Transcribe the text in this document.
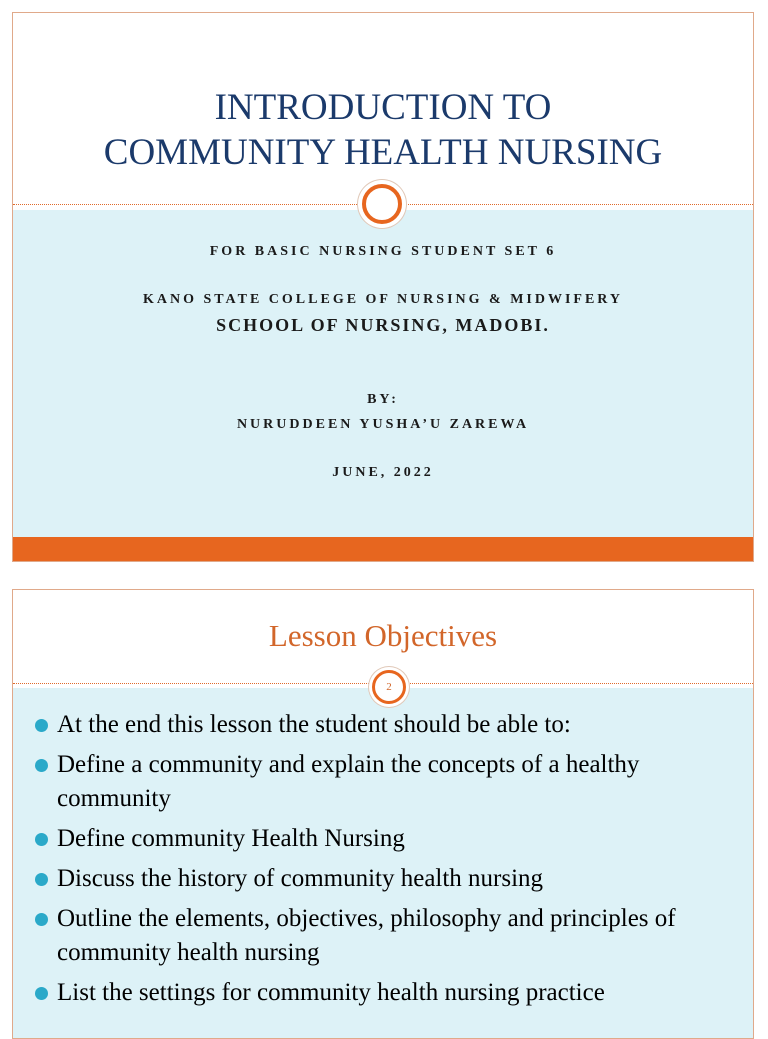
INTRODUCTION TO
COMMUNITY HEALTH NURSING
FOR BASIC NURSING STUDENT SET 6
KANO STATE COLLEGE OF NURSING & MIDWIFERY
SCHOOL OF NURSING, MADOBI.
BY:
NURUDDEEN YUSHA’U ZAREWA
JUNE, 2022
Lesson Objectives
2
At the end this lesson the student should be able to:
Define a community and explain the concepts of a healthy community
Define community Health Nursing
Discuss the history of community health nursing
Outline the elements, objectives, philosophy and principles of community health nursing
List the settings for community health nursing practice
